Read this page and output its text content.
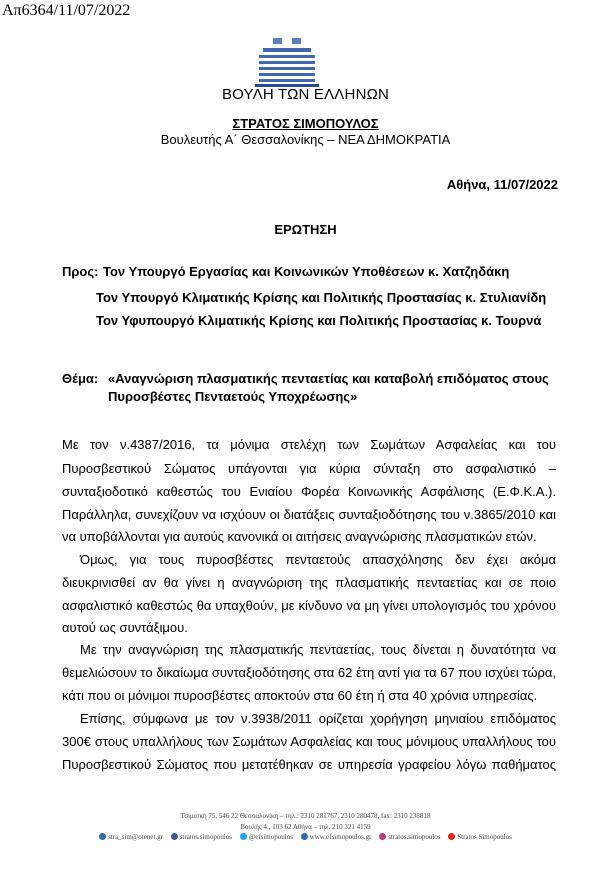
Απ6364/11/07/2022
ΒΟΥΛΗ ΤΩΝ ΕΛΛΗΝΩΝ
ΣΤΡΑΤΟΣ ΣΙΜΟΠΟΥΛΟΣ
Βουλευτής Α΄ Θεσσαλονίκης – ΝΕΑ ΔΗΜΟΚΡΑΤΙΑ
Αθήνα, 11/07/2022
ΕΡΩΤΗΣΗ
Προς: Τον Υπουργό Εργασίας και Κοινωνικών Υποθέσεων κ. Χατζηδάκη
Τον Υπουργό Κλιματικής Κρίσης και Πολιτικής Προστασίας κ. Στυλιανίδη
Τον Υφυπουργό Κλιματικής Κρίσης και Πολιτικής Προστασίας κ. Τουρνά
Θέμα: «Αναγνώριση πλασματικής πενταετίας και καταβολή επιδόματος στους
Πυροσβέστες Πενταετούς Υποχρέωσης»
Με τον ν.4387/2016, τα μόνιμα στελέχη των Σωμάτων Ασφαλείας και του
Πυροσβεστικού Σώματος υπάγονται για κύρια σύνταξη στο ασφαλιστικό –
συνταξιοδοτικό καθεστώς του Ενιαίου Φορέα Κοινωνικής Ασφάλισης (Ε.Φ.Κ.Α.).
Παράλληλα, συνεχίζουν να ισχύουν οι διατάξεις συνταξιοδότησης του ν.3865/2010 και
να υποβάλλονται για αυτούς κανονικά οι αιτήσεις αναγνώρισης πλασματικών ετών.
Όμως, για τους πυροσβέστες πενταετούς απασχόλησης δεν έχει ακόμα
διευκρινισθεί αν θα γίνει η αναγνώριση της πλασματικής πενταετίας και σε ποιο
ασφαλιστικό καθεστώς θα υπαχθούν, με κίνδυνο να μη γίνει υπολογισμός του χρόνου
αυτού ως συντάξιμου.
Με την αναγνώριση της πλασματικής πενταετίας, τους δίνεται η δυνατότητα να
θεμελιώσουν το δικαίωμα συνταξιοδότησης στα 62 έτη αντί για τα 67 που ισχύει τώρα,
κάτι που οι μόνιμοι πυροσβέστες αποκτούν στα 60 έτη ή στα 40 χρόνια υπηρεσίας.
Επίσης, σύμφωνα με τον ν.3938/2011 ορίζεται χορήγηση μηνιαίου επιδόματος
300€ στους υπαλλήλους των Σωμάτων Ασφαλείας και τους μόνιμους υπαλλήλους του
Πυροσβεστικού Σώματος που μετατέθηκαν σε υπηρεσία γραφείου λόγω παθήματος
Τσιμισκή 75, 546 22 Θεσσαλονίκη – τηλ.: 2310 281767, 2310 280478, fax: 2310 238818
Βουλής 4 , 103 62 Αθήνα – τηλ. 210 321 4159
stra_sim@otenet.gr stratos.simopoulos @efsimopoulos www.efsimopoulos.gr stratos.simopoulos Stratos Simopoulos
